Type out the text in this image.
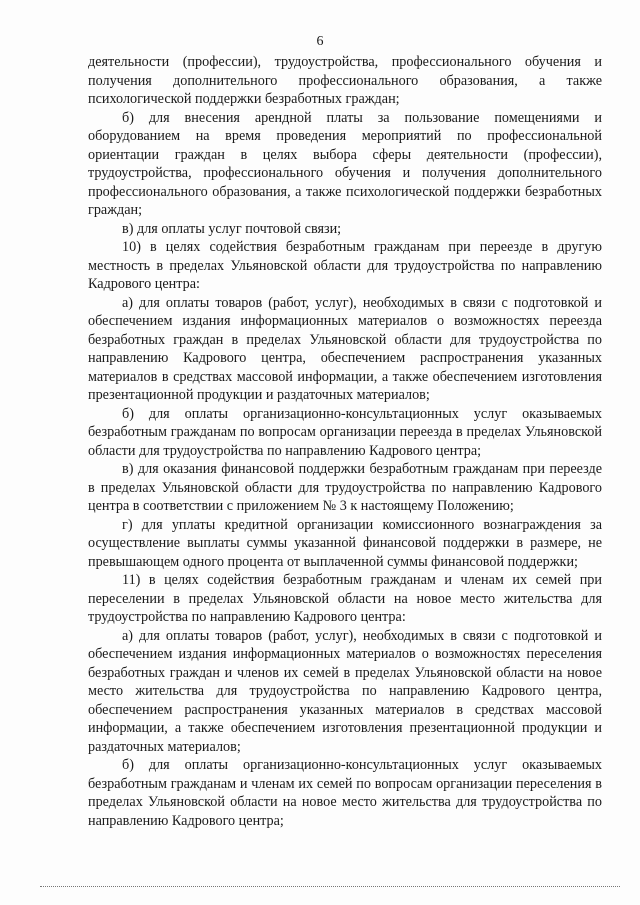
6

деятельности (профессии), трудоустройства, профессионального обучения и получения дополнительного профессионального образования, а также психологической поддержки безработных граждан;

б) для внесения арендной платы за пользование помещениями и оборудованием на время проведения мероприятий по профессиональной ориентации граждан в целях выбора сферы деятельности (профессии), трудоустройства, профессионального обучения и получения дополнительного профессионального образования, а также психологической поддержки безработных граждан;

в) для оплаты услуг почтовой связи;

10) в целях содействия безработным гражданам при переезде в другую местность в пределах Ульяновской области для трудоустройства по направлению Кадрового центра:

а) для оплаты товаров (работ, услуг), необходимых в связи с подготовкой и обеспечением издания информационных материалов о возможностях переезда безработных граждан в пределах Ульяновской области для трудоустройства по направлению Кадрового центра, обеспечением распространения указанных материалов в средствах массовой информации, а также обеспечением изготовления презентационной продукции и раздаточных материалов;

б) для оплаты организационно-консультационных услуг оказываемых безработным гражданам по вопросам организации переезда в пределах Ульяновской области для трудоустройства по направлению Кадрового центра;

в) для оказания финансовой поддержки безработным гражданам при переезде в пределах Ульяновской области для трудоустройства по направлению Кадрового центра в соответствии с приложением № 3 к настоящему Положению;

г) для уплаты кредитной организации комиссионного вознаграждения за осуществление выплаты суммы указанной финансовой поддержки в размере, не превышающем одного процента от выплаченной суммы финансовой поддержки;

11) в целях содействия безработным гражданам и членам их семей при переселении в пределах Ульяновской области на новое место жительства для трудоустройства по направлению Кадрового центра:

а) для оплаты товаров (работ, услуг), необходимых в связи с подготовкой и обеспечением издания информационных материалов о возможностях переселения безработных граждан и членов их семей в пределах Ульяновской области на новое место жительства для трудоустройства по направлению Кадрового центра, обеспечением распространения указанных материалов в средствах массовой информации, а также обеспечением изготовления презентационной продукции и раздаточных материалов;

б) для оплаты организационно-консультационных услуг оказываемых безработным гражданам и членам их семей по вопросам организации переселения в пределах Ульяновской области на новое место жительства для трудоустройства по направлению Кадрового центра;
